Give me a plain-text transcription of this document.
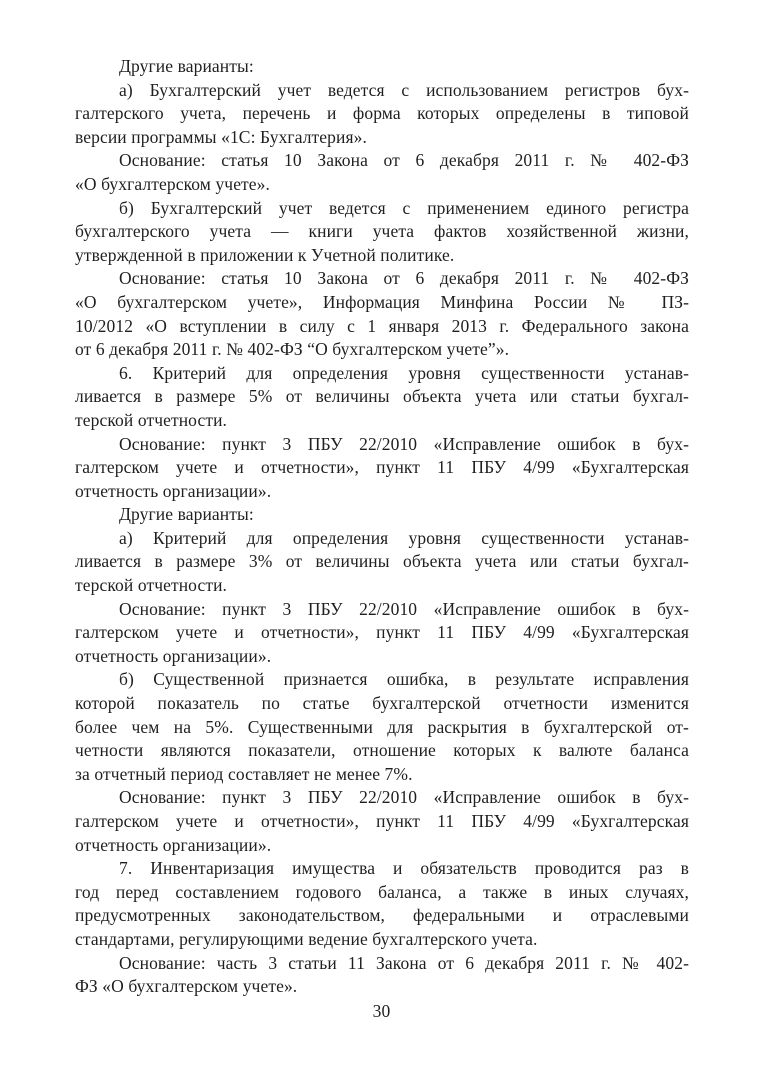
Другие варианты:
а) Бухгалтерский учет ведется с использованием регистров бух-
галтерского учета, перечень и форма которых определены в типовой
версии программы «1С: Бухгалтерия».
Основание: статья 10 Закона от 6 декабря 2011 г. № 402-ФЗ
«О бухгалтерском учете».
б) Бухгалтерский учет ведется с применением единого регистра
бухгалтерского учета — книги учета фактов хозяйственной жизни,
утвержденной в приложении к Учетной политике.
Основание: статья 10 Закона от 6 декабря 2011 г. № 402-ФЗ
«О бухгалтерском учете», Информация Минфина России № ПЗ-
10/2012 «О вступлении в силу с 1 января 2013 г. Федерального закона
от 6 декабря 2011 г. № 402-ФЗ “О бухгалтерском учете”».
6. Критерий для определения уровня существенности устанав-
ливается в размере 5% от величины объекта учета или статьи бухгал-
терской отчетности.
Основание: пункт 3 ПБУ 22/2010 «Исправление ошибок в бух-
галтерском учете и отчетности», пункт 11 ПБУ 4/99 «Бухгалтерская
отчетность организации».
Другие варианты:
а) Критерий для определения уровня существенности устанав-
ливается в размере 3% от величины объекта учета или статьи бухгал-
терской отчетности.
Основание: пункт 3 ПБУ 22/2010 «Исправление ошибок в бух-
галтерском учете и отчетности», пункт 11 ПБУ 4/99 «Бухгалтерская
отчетность организации».
б) Существенной признается ошибка, в результате исправления
которой показатель по статье бухгалтерской отчетности изменится
более чем на 5%. Существенными для раскрытия в бухгалтерской от-
четности являются показатели, отношение которых к валюте баланса
за отчетный период составляет не менее 7%.
Основание: пункт 3 ПБУ 22/2010 «Исправление ошибок в бух-
галтерском учете и отчетности», пункт 11 ПБУ 4/99 «Бухгалтерская
отчетность организации».
7. Инвентаризация имущества и обязательств проводится раз в
год перед составлением годового баланса, а также в иных случаях,
предусмотренных законодательством, федеральными и отраслевыми
стандартами, регулирующими ведение бухгалтерского учета.
Основание: часть 3 статьи 11 Закона от 6 декабря 2011 г. № 402-
ФЗ «О бухгалтерском учете».
30
